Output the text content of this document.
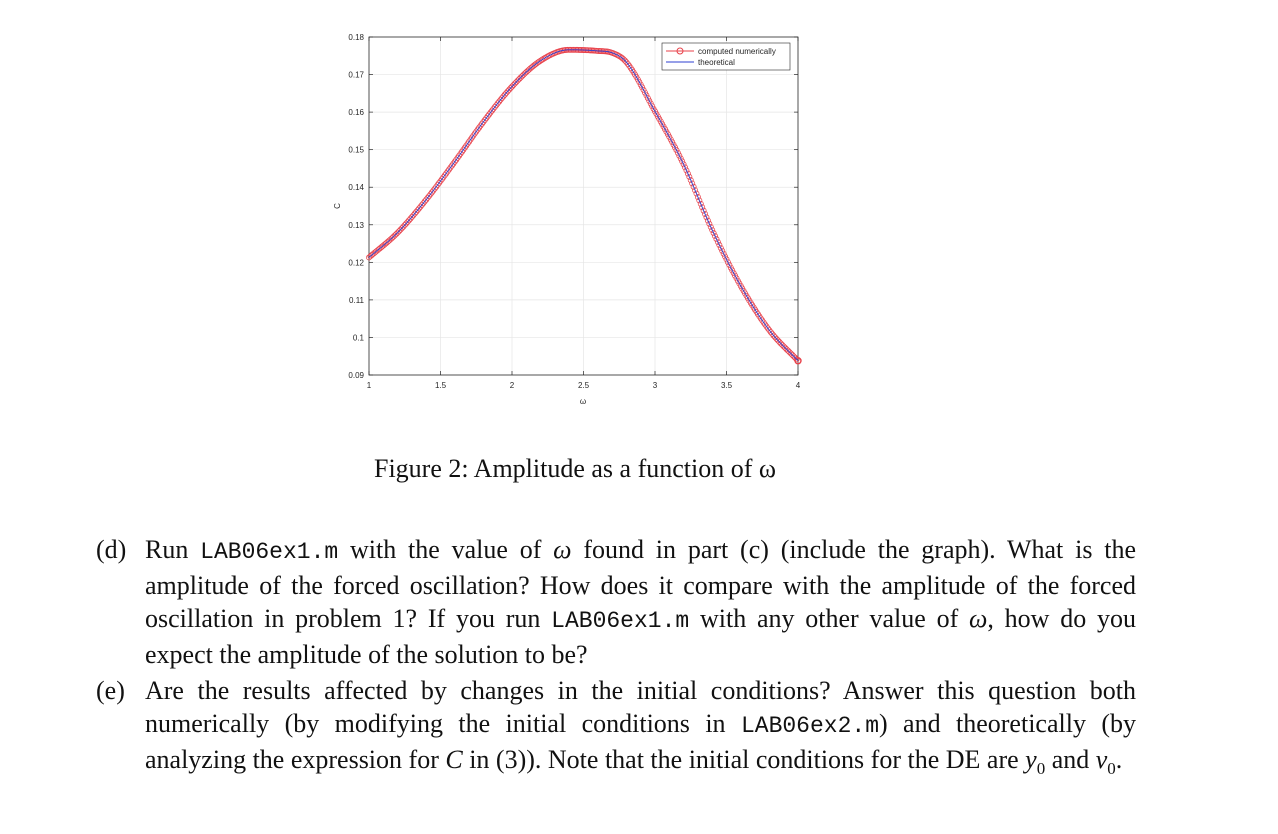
1	1.5	2	2.5	3	3.5	4
0.09
0.1
0.11
0.12
0.13
0.14
0.15
0.16
0.17
0.18
ω
C
computed numerically
theoretical
Figure 2: Amplitude as a function of ω
(d) Run LAB06ex1.m with the value of ω found in part (c) (include the graph). What is the amplitude of the forced oscillation? How does it compare with the amplitude of the forced oscillation in problem 1? If you run LAB06ex1.m with any other value of ω, how do you expect the amplitude of the solution to be?
(e) Are the results affected by changes in the initial conditions? Answer this question both numerically (by modifying the initial conditions in LAB06ex2.m) and theoretically (by analyzing the expression for C in (3)). Note that the initial conditions for the DE are $y_0$ and $v_0$.
